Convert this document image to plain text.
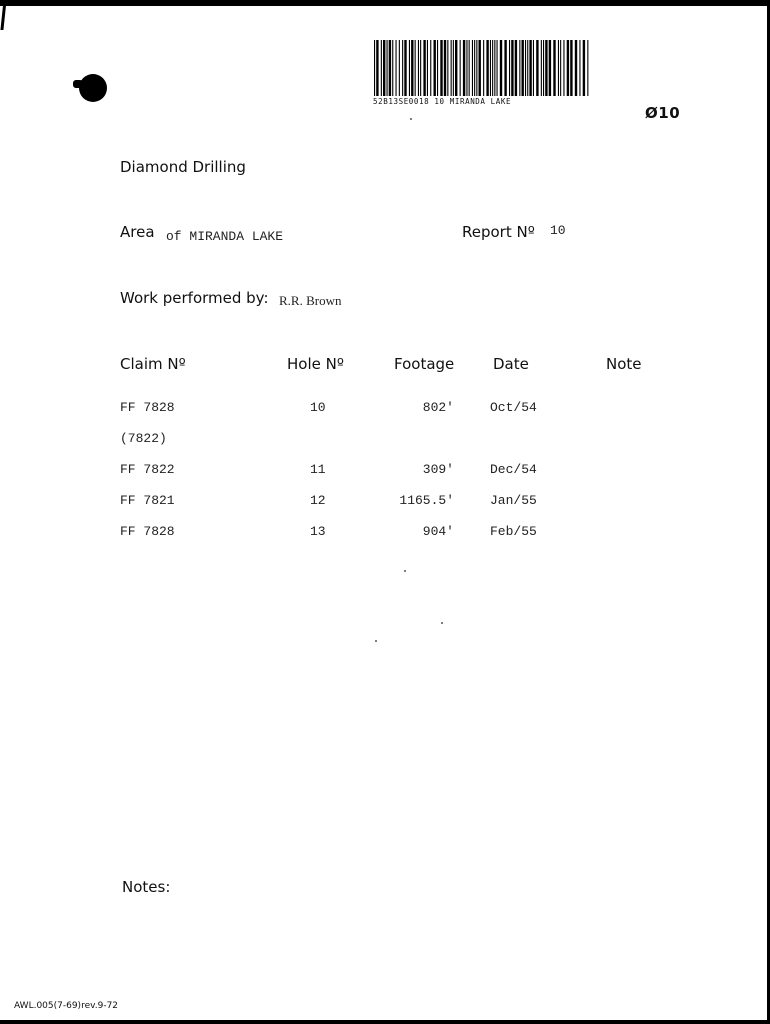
52B13SE0018 10 MIRANDA LAKE
Ø10
Diamond Drilling
Area of MIRANDA LAKE	Report Nº 10
Work performed by: R.R. Brown
Claim Nº	Hole Nº	Footage	Date	Note
FF 7828	10	802'	Oct/54
(7822)
FF 7822	11	309'	Dec/54
FF 7821	12	1165.5'	Jan/55
FF 7828	13	904'	Feb/55
Notes:
AWL.005(7-69)rev.9-72
